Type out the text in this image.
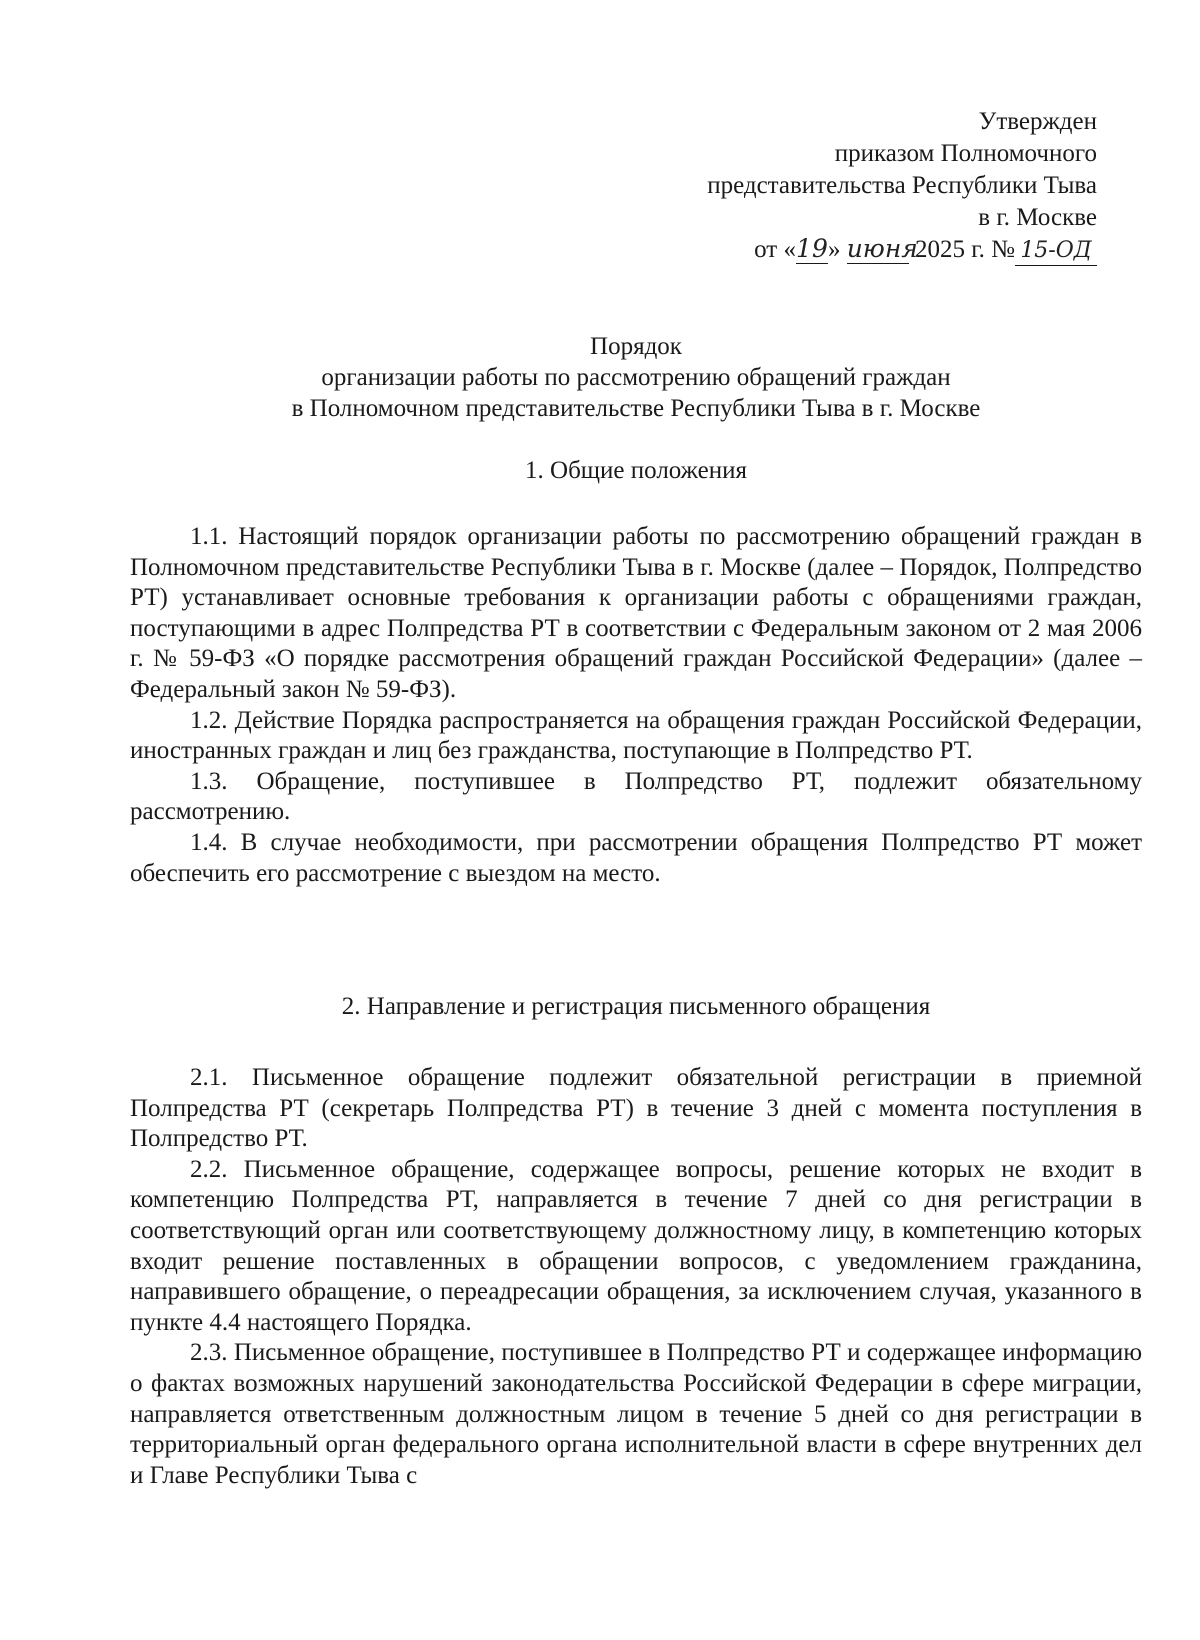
Утвержден
приказом Полномочного
представительства Республики Тыва
в г. Москве
от «19» июня 2025 г. № 15-ОД
Порядок
организации работы по рассмотрению обращений граждан
в Полномочном представительстве Республики Тыва в г. Москве
1. Общие положения

1.1. Настоящий порядок организации работы по рассмотрению обращений граждан в Полномочном представительстве Республики Тыва в г. Москве (далее – Порядок, Полпредство РТ) устанавливает основные требования к организации работы с обращениями граждан, поступающими в адрес Полпредства РТ в соответствии с Федеральным законом от 2 мая 2006 г. № 59-ФЗ «О порядке рассмотрения обращений граждан Российской Федерации» (далее – Федеральный закон № 59-ФЗ).

1.2. Действие Порядка распространяется на обращения граждан Российской Федерации, иностранных граждан и лиц без гражданства, поступающие в Полпредство РТ.

1.3. Обращение, поступившее в Полпредство РТ, подлежит обязательному рассмотрению.

1.4. В случае необходимости, при рассмотрении обращения Полпредство РТ может обеспечить его рассмотрение с выездом на место.

2. Направление и регистрация письменного обращения

2.1. Письменное обращение подлежит обязательной регистрации в приемной Полпредства РТ (секретарь Полпредства РТ) в течение 3 дней с момента поступления в Полпредство РТ.

2.2. Письменное обращение, содержащее вопросы, решение которых не входит в компетенцию Полпредства РТ, направляется в течение 7 дней со дня регистрации в соответствующий орган или соответствующему должностному лицу, в компетенцию которых входит решение поставленных в обращении вопросов, с уведомлением гражданина, направившего обращение, о переадресации обращения, за исключением случая, указанного в пункте 4.4 настоящего Порядка.

2.3. Письменное обращение, поступившее в Полпредство РТ и содержащее информацию о фактах возможных нарушений законодательства Российской Федерации в сфере миграции, направляется ответственным должностным лицом в течение 5 дней со дня регистрации в территориальный орган федерального органа исполнительной власти в сфере внутренних дел и Главе Республики Тыва с
